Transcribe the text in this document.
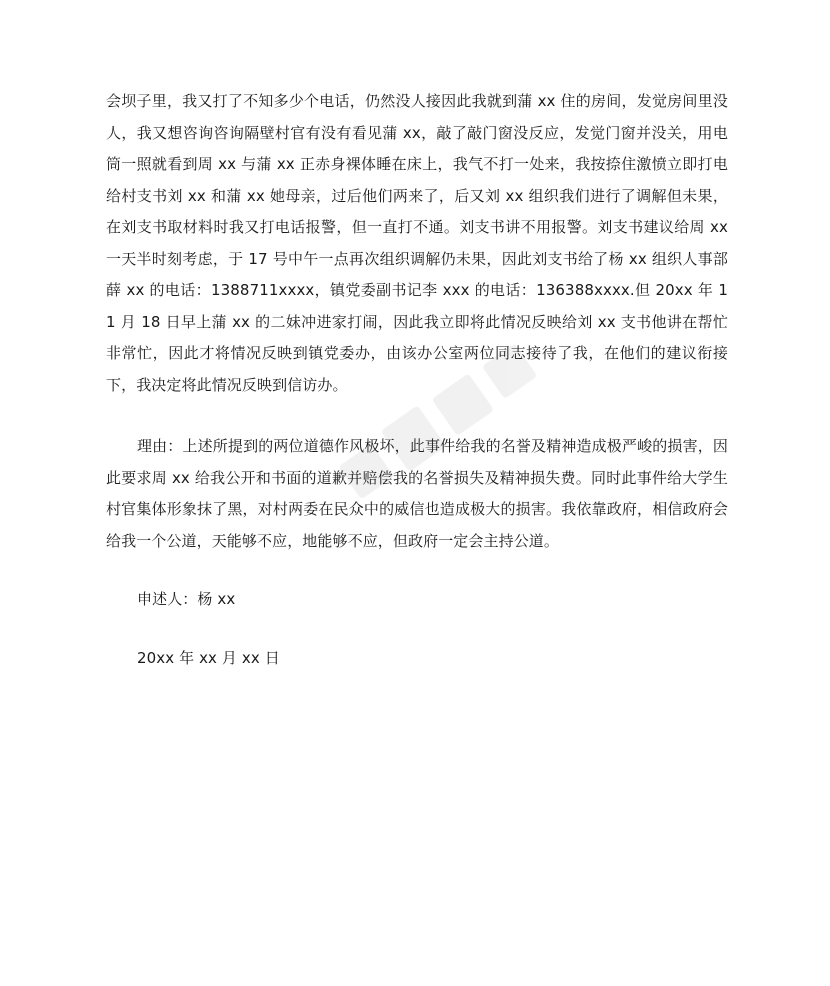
会坝子里，我又打了不知多少个电话，仍然没人接因此我就到蒲 xx 住的房间，发觉房间里没人，我又想咨询咨询隔壁村官有没有看见蒲 xx，敲了敲门窗没反应，发觉门窗并没关，用电筒一照就看到周 xx 与蒲 xx 正赤身裸体睡在床上，我气不打一处来，我按捺住激愤立即打电给村支书刘 xx 和蒲 xx 她母亲，过后他们两来了，后又刘 xx 组织我们进行了调解但未果，在刘支书取材料时我又打电话报警，但一直打不通。刘支书讲不用报警。刘支书建议给周 xx 一天半时刻考虑，于 17 号中午一点再次组织调解仍未果，因此刘支书给了杨 xx 组织人事部薛 xx 的电话：1388711xxxx，镇党委副书记李 xxx 的电话：136388xxxx.但 20xx 年 11 月 18 日早上蒲 xx 的二妹冲进家打闹，因此我立即将此情况反映给刘 xx 支书他讲在帮忙非常忙，因此才将情况反映到镇党委办，由该办公室两位同志接待了我，在他们的建议衔接下，我决定将此情况反映到信访办。

理由：上述所提到的两位道德作风极坏，此事件给我的名誉及精神造成极严峻的损害，因此要求周 xx 给我公开和书面的道歉并赔偿我的名誉损失及精神损失费。同时此事件给大学生村官集体形象抹了黑，对村两委在民众中的威信也造成极大的损害。我依靠政府，相信政府会给我一个公道，天能够不应，地能够不应，但政府一定会主持公道。

申述人：杨 xx

20xx 年 xx 月 xx 日
